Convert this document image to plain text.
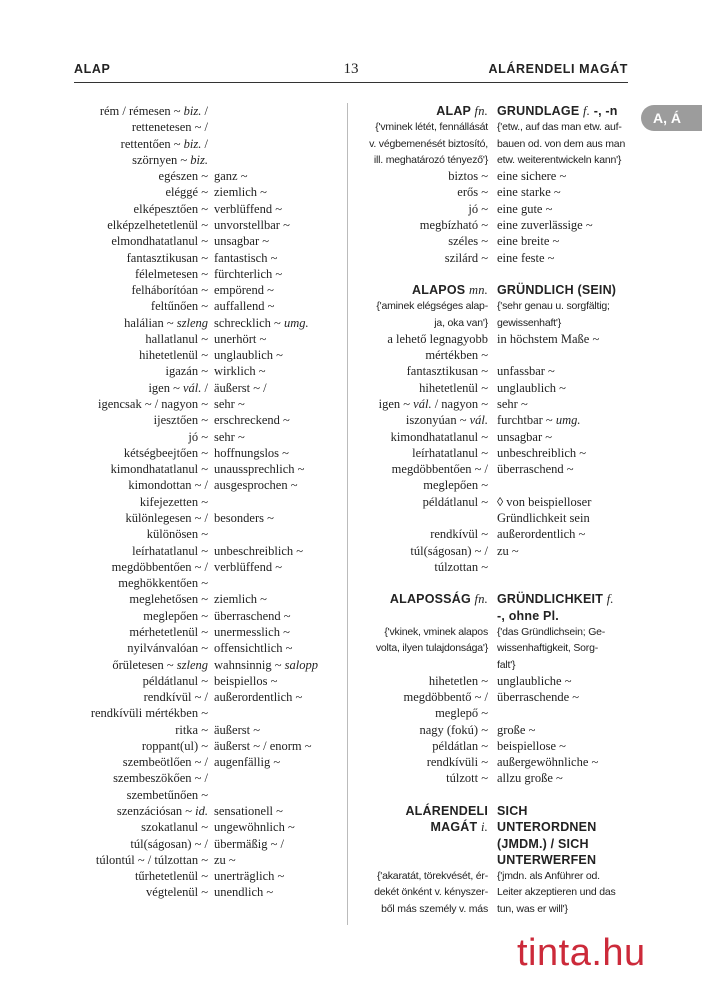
ALAP	13	ALÁRENDELI MAGÁT
A, Á
rém / rémesen ~ biz. /
rettenetesen ~ /
rettentően ~ biz. /
szörnyen ~ biz.
egészen ~ ganz ~
eléggé ~ ziemlich ~
elképesztően ~ verblüffend ~
elképzelhetetlenül ~ unvorstellbar ~
elmondhatatlanul ~ unsagbar ~
fantasztikusan ~ fantastisch ~
félelmetesen ~ fürchterlich ~
felháborítóan ~ empörend ~
feltűnően ~ auffallend ~
halálian ~ szleng schrecklich ~ umg.
hallatlanul ~ unerhört ~
hihetetlenül ~ unglaublich ~
igazán ~ wirklich ~
igen ~ vál. / äußerst ~ /
igencsak ~ / nagyon ~ sehr ~
ijesztően ~ erschreckend ~
jó ~ sehr ~
kétségbeejtően ~ hoffnungslos ~
kimondhatatlanul ~ unaussprechlich ~
kimondottan ~ / ausgesprochen ~
kifejezetten ~
különlegesen ~ / besonders ~
különösen ~
leírhatatlanul ~ unbeschreiblich ~
megdöbbentően ~ / verblüffend ~
meghökkentően ~
meglehetősen ~ ziemlich ~
meglepően ~ überraschend ~
mérhetetlenül ~ unermesslich ~
nyilvánvalóan ~ offensichtlich ~
őrületesen ~ szleng wahnsinnig ~ salopp
példátlanul ~ beispiellos ~
rendkívül ~ / außerordentlich ~
rendkívüli mértékben ~
ritka ~ äußerst ~
roppant(ul) ~ äußerst ~ / enorm ~
szembeötlően ~ / augenfällig ~
szembeszökően ~ /
szembetűnően ~
szenzációsan ~ id. sensationell ~
szokatlanul ~ ungewöhnlich ~
túl(ságosan) ~ / übermäßig ~ /
túlontúl ~ / túlzottan ~ zu ~
tűrhetetlenül ~ unerträglich ~
végtelenül ~ unendlich ~
ALAP fn. GRUNDLAGE f. -, -n
{'vminek létét, fennállását {'etw., auf das man etw. auf-
v. végbemenését biztosító, bauen od. von dem aus man
ill. meghatározó tényező'} etw. weiterentwickeln kann'}
biztos ~ eine sichere ~
erős ~ eine starke ~
jó ~ eine gute ~
megbízható ~ eine zuverlässige ~
széles ~ eine breite ~
szilárd ~ eine feste ~
ALAPOS mn. GRÜNDLICH (SEIN)
{'aminek elégséges alap- {'sehr genau u. sorgfältig;
ja, oka van'} gewissenhaft'}
a lehető legnagyobb in höchstem Maße ~
mértékben ~
fantasztikusan ~ unfassbar ~
hihetetlenül ~ unglaublich ~
igen ~ vál. / nagyon ~ sehr ~
iszonyúan ~ vál. furchtbar ~ umg.
kimondhatatlanul ~ unsagbar ~
leírhatatlanul ~ unbeschreiblich ~
megdöbbentően ~ / überraschend ~
meglepően ~
példátlanul ~ ◊ von beispielloser
Gründlichkeit sein
rendkívül ~ außerordentlich ~
túl(ságosan) ~ / zu ~
túlzottan ~
ALAPOSSÁG fn. GRÜNDLICHKEIT f.
-, ohne Pl.
{'vkinek, vminek alapos {'das Gründlichsein; Ge-
volta, ilyen tulajdonsága'} wissenhaftigkeit, Sorg-
falt'}
hihetetlen ~ unglaubliche ~
megdöbbentő ~ / überraschende ~
meglepő ~
nagy (fokú) ~ große ~
példátlan ~ beispiellose ~
rendkívüli ~ außergewöhnliche ~
túlzott ~ allzu große ~
ALÁRENDELI SICH
MAGÁT i. UNTERORDNEN
(JMDM.) / SICH
UNTERWERFEN
{'akaratát, törekvését, ér- {'jmdn. als Anführer od.
dekét önként v. kényszer- Leiter akzeptieren und das
ből más személy v. más tun, was er will'}
tinta.hu
